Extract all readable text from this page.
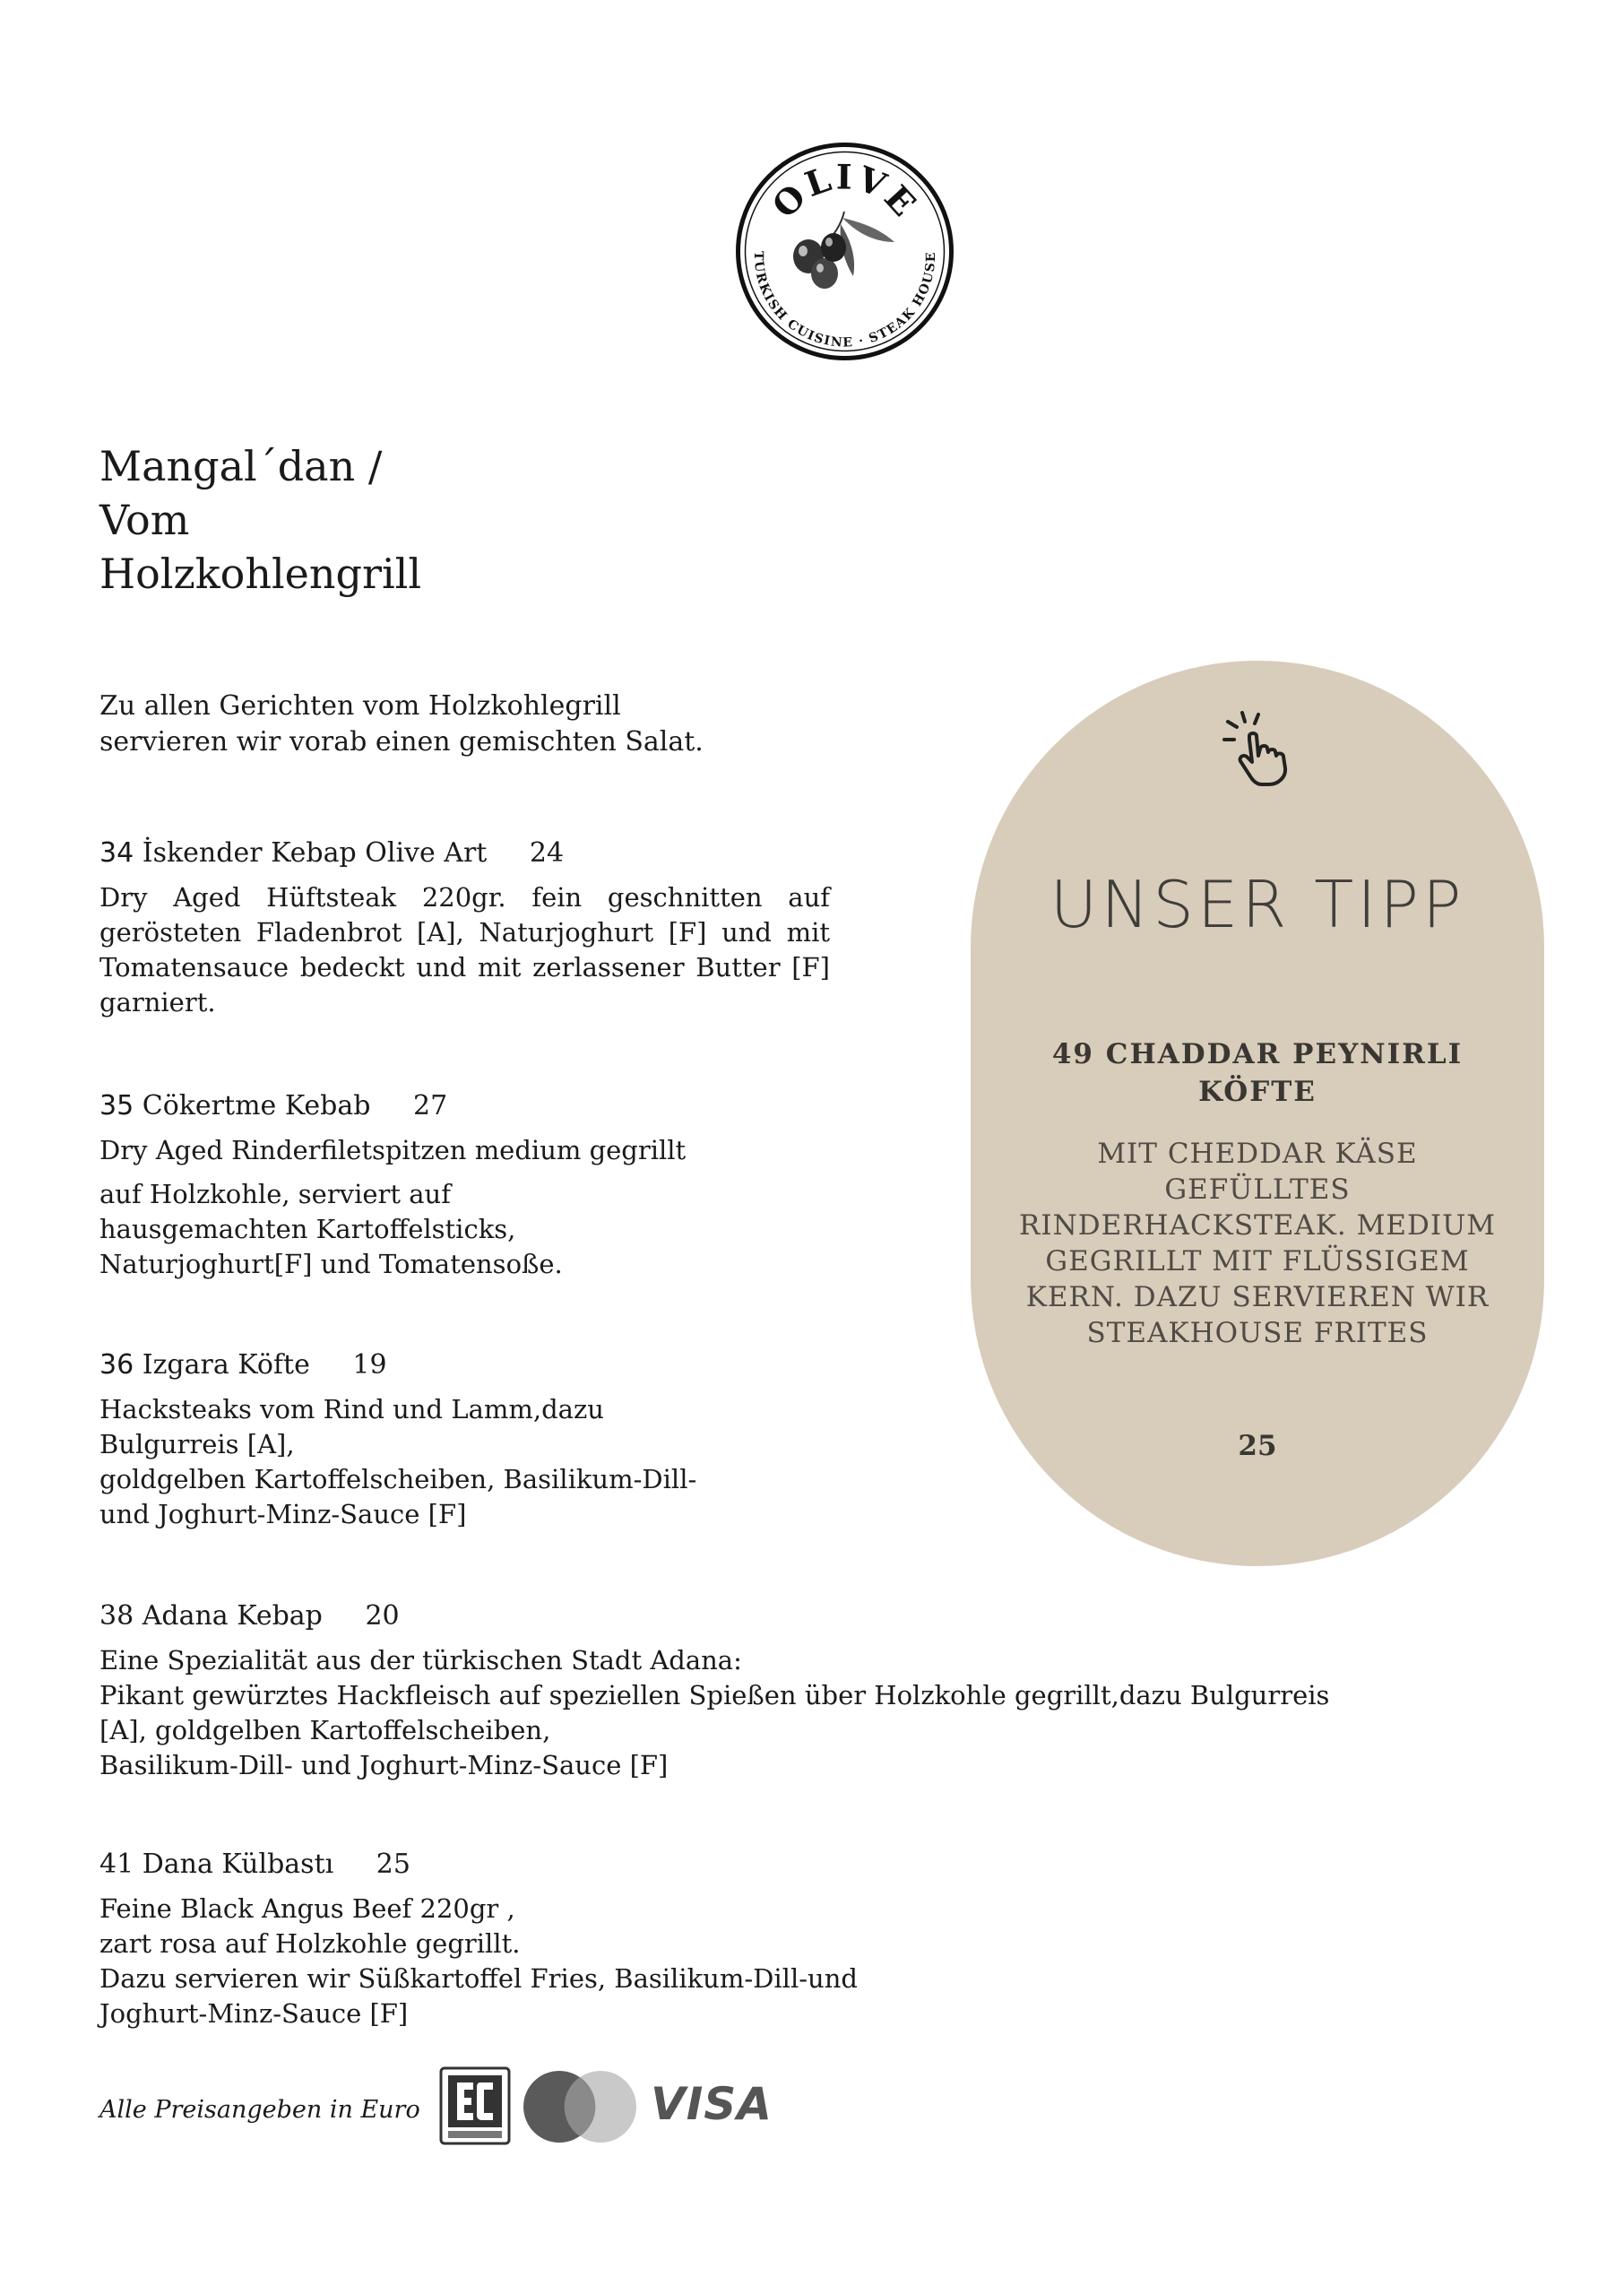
OLIVE
TURKISH CUISINE · STEAK HOUSE
Mangal´dan /
Vom
Holzkohlengrill
Zu allen Gerichten vom Holzkohlegrill
servieren wir vorab einen gemischten Salat.
34 İskender Kebap Olive Art 24
Dry Aged Hüftsteak 220gr. fein geschnitten auf gerösteten Fladenbrot [A], Naturjoghurt [F] und mit Tomatensauce bedeckt und mit zerlassener Butter [F] garniert.
35 Cökertme Kebab 27
Dry Aged Rinderfiletspitzen medium gegrillt
auf Holzkohle, serviert auf
hausgemachten Kartoffelsticks,
Naturjoghurt[F] und Tomatensoße.
36 Izgara Köfte 19
Hacksteaks vom Rind und Lamm,dazu
Bulgurreis [A],
goldgelben Kartoffelscheiben, Basilikum-Dill-
und Joghurt-Minz-Sauce [F]
38 Adana Kebap 20
Eine Spezialität aus der türkischen Stadt Adana:
Pikant gewürztes Hackfleisch auf speziellen Spießen über Holzkohle gegrillt,dazu Bulgurreis
[A], goldgelben Kartoffelscheiben,
Basilikum-Dill- und Joghurt-Minz-Sauce [F]
41 Dana Külbastı 25
Feine Black Angus Beef 220gr ,
zart rosa auf Holzkohle gegrillt.
Dazu servieren wir Süßkartoffel Fries, Basilikum-Dill-und
Joghurt-Minz-Sauce [F]
UNSER TIPP
49 CHADDAR PEYNIRLI
KÖFTE
MIT CHEDDAR KÄSE
GEFÜLLTES
RINDERHACKSTEAK. MEDIUM
GEGRILLT MIT FLÜSSIGEM
KERN. DAZU SERVIEREN WIR
STEAKHOUSE FRITES
25
Alle Preisangeben in Euro	VISA
